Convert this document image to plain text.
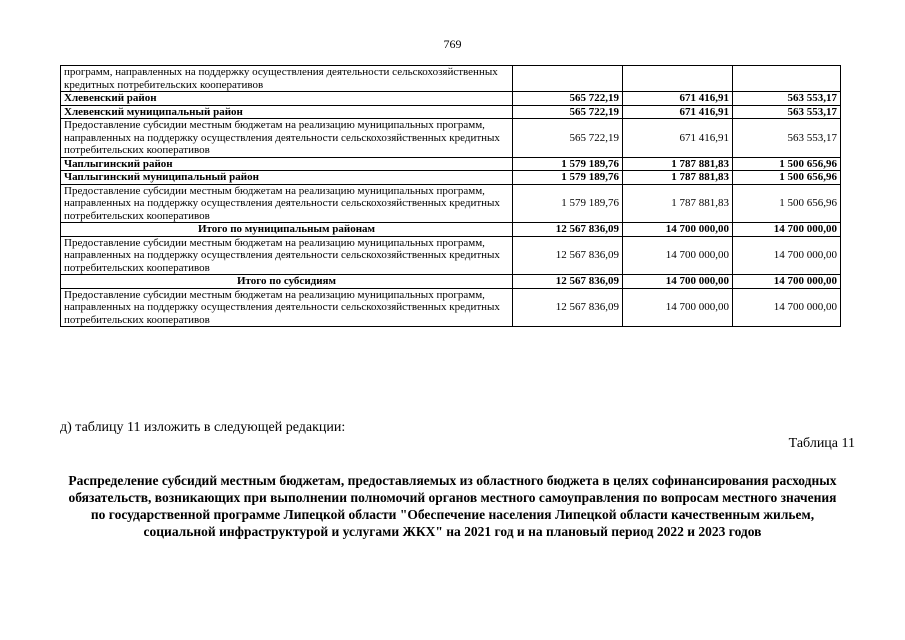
769
программ, направленных на поддержку осуществления деятельности сельскохозяйственных кредитных потребительских кооперативов			
Хлевенский район	565 722,19	671 416,91	563 553,17
Хлевенский муниципальный район	565 722,19	671 416,91	563 553,17
Предоставление субсидии местным бюджетам на реализацию муниципальных программ, направленных на поддержку осуществления деятельности сельскохозяйственных кредитных потребительских кооперативов	565 722,19	671 416,91	563 553,17
Чаплыгинский район	1 579 189,76	1 787 881,83	1 500 656,96
Чаплыгинский муниципальный район	1 579 189,76	1 787 881,83	1 500 656,96
Предоставление субсидии местным бюджетам на реализацию муниципальных программ, направленных на поддержку осуществления деятельности сельскохозяйственных кредитных потребительских кооперативов	1 579 189,76	1 787 881,83	1 500 656,96
Итого по муниципальным районам	12 567 836,09	14 700 000,00	14 700 000,00
Предоставление субсидии местным бюджетам на реализацию муниципальных программ, направленных на поддержку осуществления деятельности сельскохозяйственных кредитных потребительских кооперативов	12 567 836,09	14 700 000,00	14 700 000,00
Итого по субсидиям	12 567 836,09	14 700 000,00	14 700 000,00
Предоставление субсидии местным бюджетам на реализацию муниципальных программ, направленных на поддержку осуществления деятельности сельскохозяйственных кредитных потребительских кооперативов	12 567 836,09	14 700 000,00	14 700 000,00
д) таблицу 11 изложить в следующей редакции:
Таблица 11
Распределение субсидий местным бюджетам, предоставляемых из областного бюджета в целях софинансирования расходных обязательств, возникающих при выполнении полномочий органов местного самоуправления по вопросам местного значения по государственной программе Липецкой области "Обеспечение населения Липецкой области качественным жильем, социальной инфраструктурой и услугами ЖКХ" на 2021 год и на плановый период 2022 и 2023 годов
